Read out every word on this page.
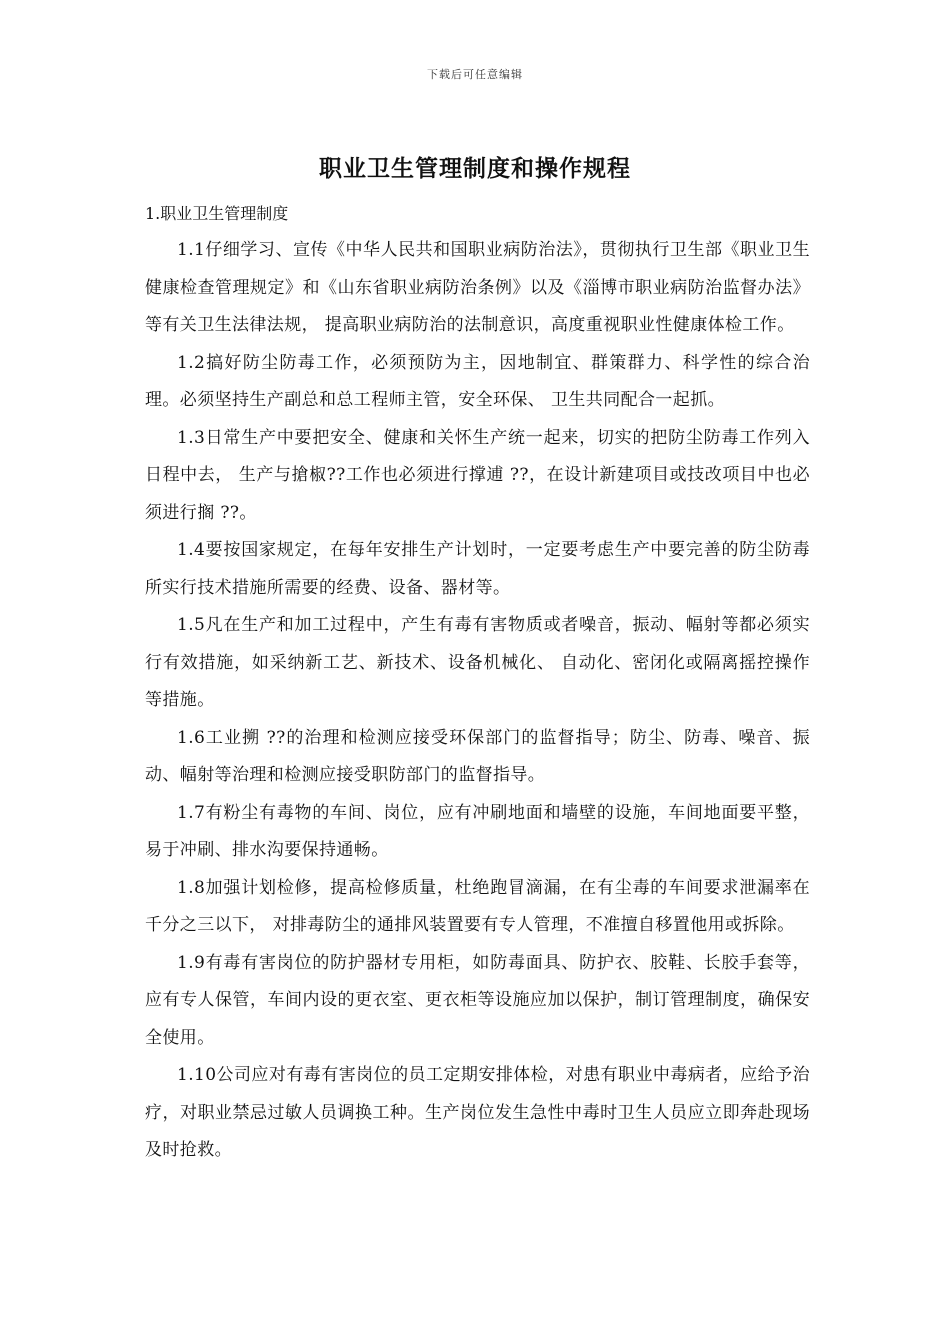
下载后可任意编辑
职业卫生管理制度和操作规程

1.职业卫生管理制度

1.1仔细学习、宣传《中华人民共和国职业病防治法》，贯彻执行卫生部《职业卫生健康检查管理规定》和《山东省职业病防治条例》以及《淄博市职业病防治监督办法》等有关卫生法律法规， 提高职业病防治的法制意识，高度重视职业性健康体检工作。

1.2搞好防尘防毒工作，必须预防为主，因地制宜、群策群力、科学性的综合治理。必须坚持生产副总和总工程师主管，安全环保、 卫生共同配合一起抓。

1.3日常生产中要把安全、健康和关怀生产统一起来，切实的把防尘防毒工作列入日程中去， 生产与搶椒??工作也必须进行撑逋 ??，在设计新建项目或技改项目中也必须进行搁 ??。

1.4要按国家规定，在每年安排生产计划时，一定要考虑生产中要完善的防尘防毒所实行技术措施所需要的经费、设备、器材等。

1.5凡在生产和加工过程中，产生有毒有害物质或者噪音，振动、幅射等都必须实行有效措施，如采纳新工艺、新技术、设备机械化、 自动化、密闭化或隔离摇控操作等措施。

1.6工业搠 ??的治理和检测应接受环保部门的监督指导；防尘、防毒、噪音、振动、幅射等治理和检测应接受职防部门的监督指导。

1.7有粉尘有毒物的车间、岗位，应有冲刷地面和墙壁的设施，车间地面要平整，易于冲刷、排水沟要保持通畅。

1.8加强计划检修，提高检修质量，杜绝跑冒滴漏，在有尘毒的车间要求泄漏率在千分之三以下， 对排毒防尘的通排风装置要有专人管理，不准擅自移置他用或拆除。

1.9有毒有害岗位的防护器材专用柜，如防毒面具、防护衣、胶鞋、长胶手套等，应有专人保管，车间内设的更衣室、更衣柜等设施应加以保护，制订管理制度，确保安全使用。

1.10公司应对有毒有害岗位的员工定期安排体检，对患有职业中毒病者，应给予治疗，对职业禁忌过敏人员调换工种。生产岗位发生急性中毒时卫生人员应立即奔赴现场及时抢救。
